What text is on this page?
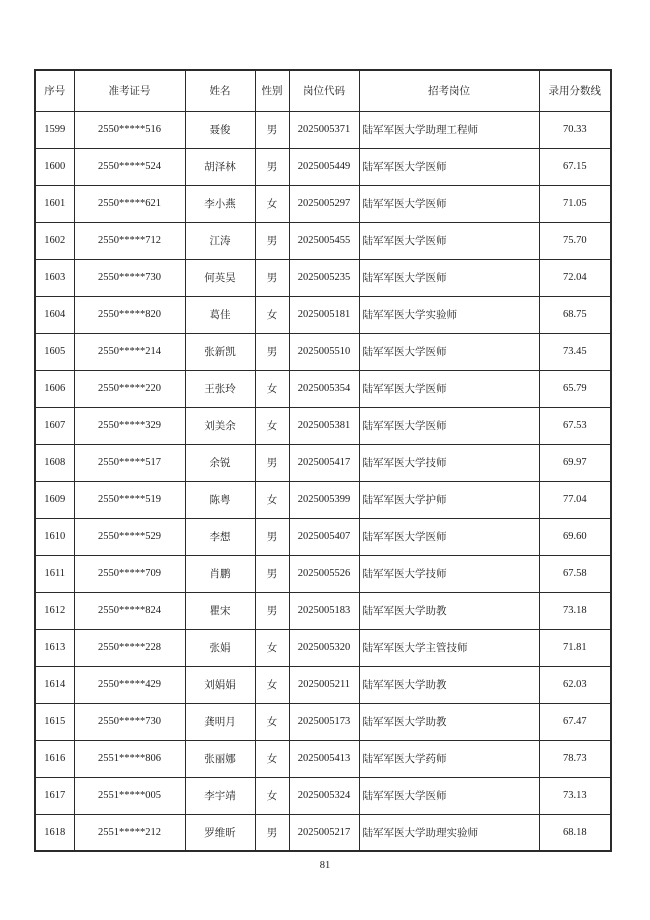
序号	准考证号	姓名	性别	岗位代码	招考岗位	录用分数线
1599	2550*****516	聂俊	男	2025005371	陆军军医大学助理工程师	70.33
1600	2550*****524	胡泽林	男	2025005449	陆军军医大学医师	67.15
1601	2550*****621	李小燕	女	2025005297	陆军军医大学医师	71.05
1602	2550*****712	江涛	男	2025005455	陆军军医大学医师	75.70
1603	2550*****730	何英昊	男	2025005235	陆军军医大学医师	72.04
1604	2550*****820	葛佳	女	2025005181	陆军军医大学实验师	68.75
1605	2550*****214	张新凯	男	2025005510	陆军军医大学医师	73.45
1606	2550*****220	王张玲	女	2025005354	陆军军医大学医师	65.79
1607	2550*****329	刘美余	女	2025005381	陆军军医大学医师	67.53
1608	2550*****517	余锐	男	2025005417	陆军军医大学技师	69.97
1609	2550*****519	陈粤	女	2025005399	陆军军医大学护师	77.04
1610	2550*****529	李想	男	2025005407	陆军军医大学医师	69.60
1611	2550*****709	肖鹏	男	2025005526	陆军军医大学技师	67.58
1612	2550*****824	瞿宋	男	2025005183	陆军军医大学助教	73.18
1613	2550*****228	张娟	女	2025005320	陆军军医大学主管技师	71.81
1614	2550*****429	刘娟娟	女	2025005211	陆军军医大学助教	62.03
1615	2550*****730	龚明月	女	2025005173	陆军军医大学助教	67.47
1616	2551*****806	张丽娜	女	2025005413	陆军军医大学药师	78.73
1617	2551*****005	李宇靖	女	2025005324	陆军军医大学医师	73.13
1618	2551*****212	罗维昕	男	2025005217	陆军军医大学助理实验师	68.18
81
